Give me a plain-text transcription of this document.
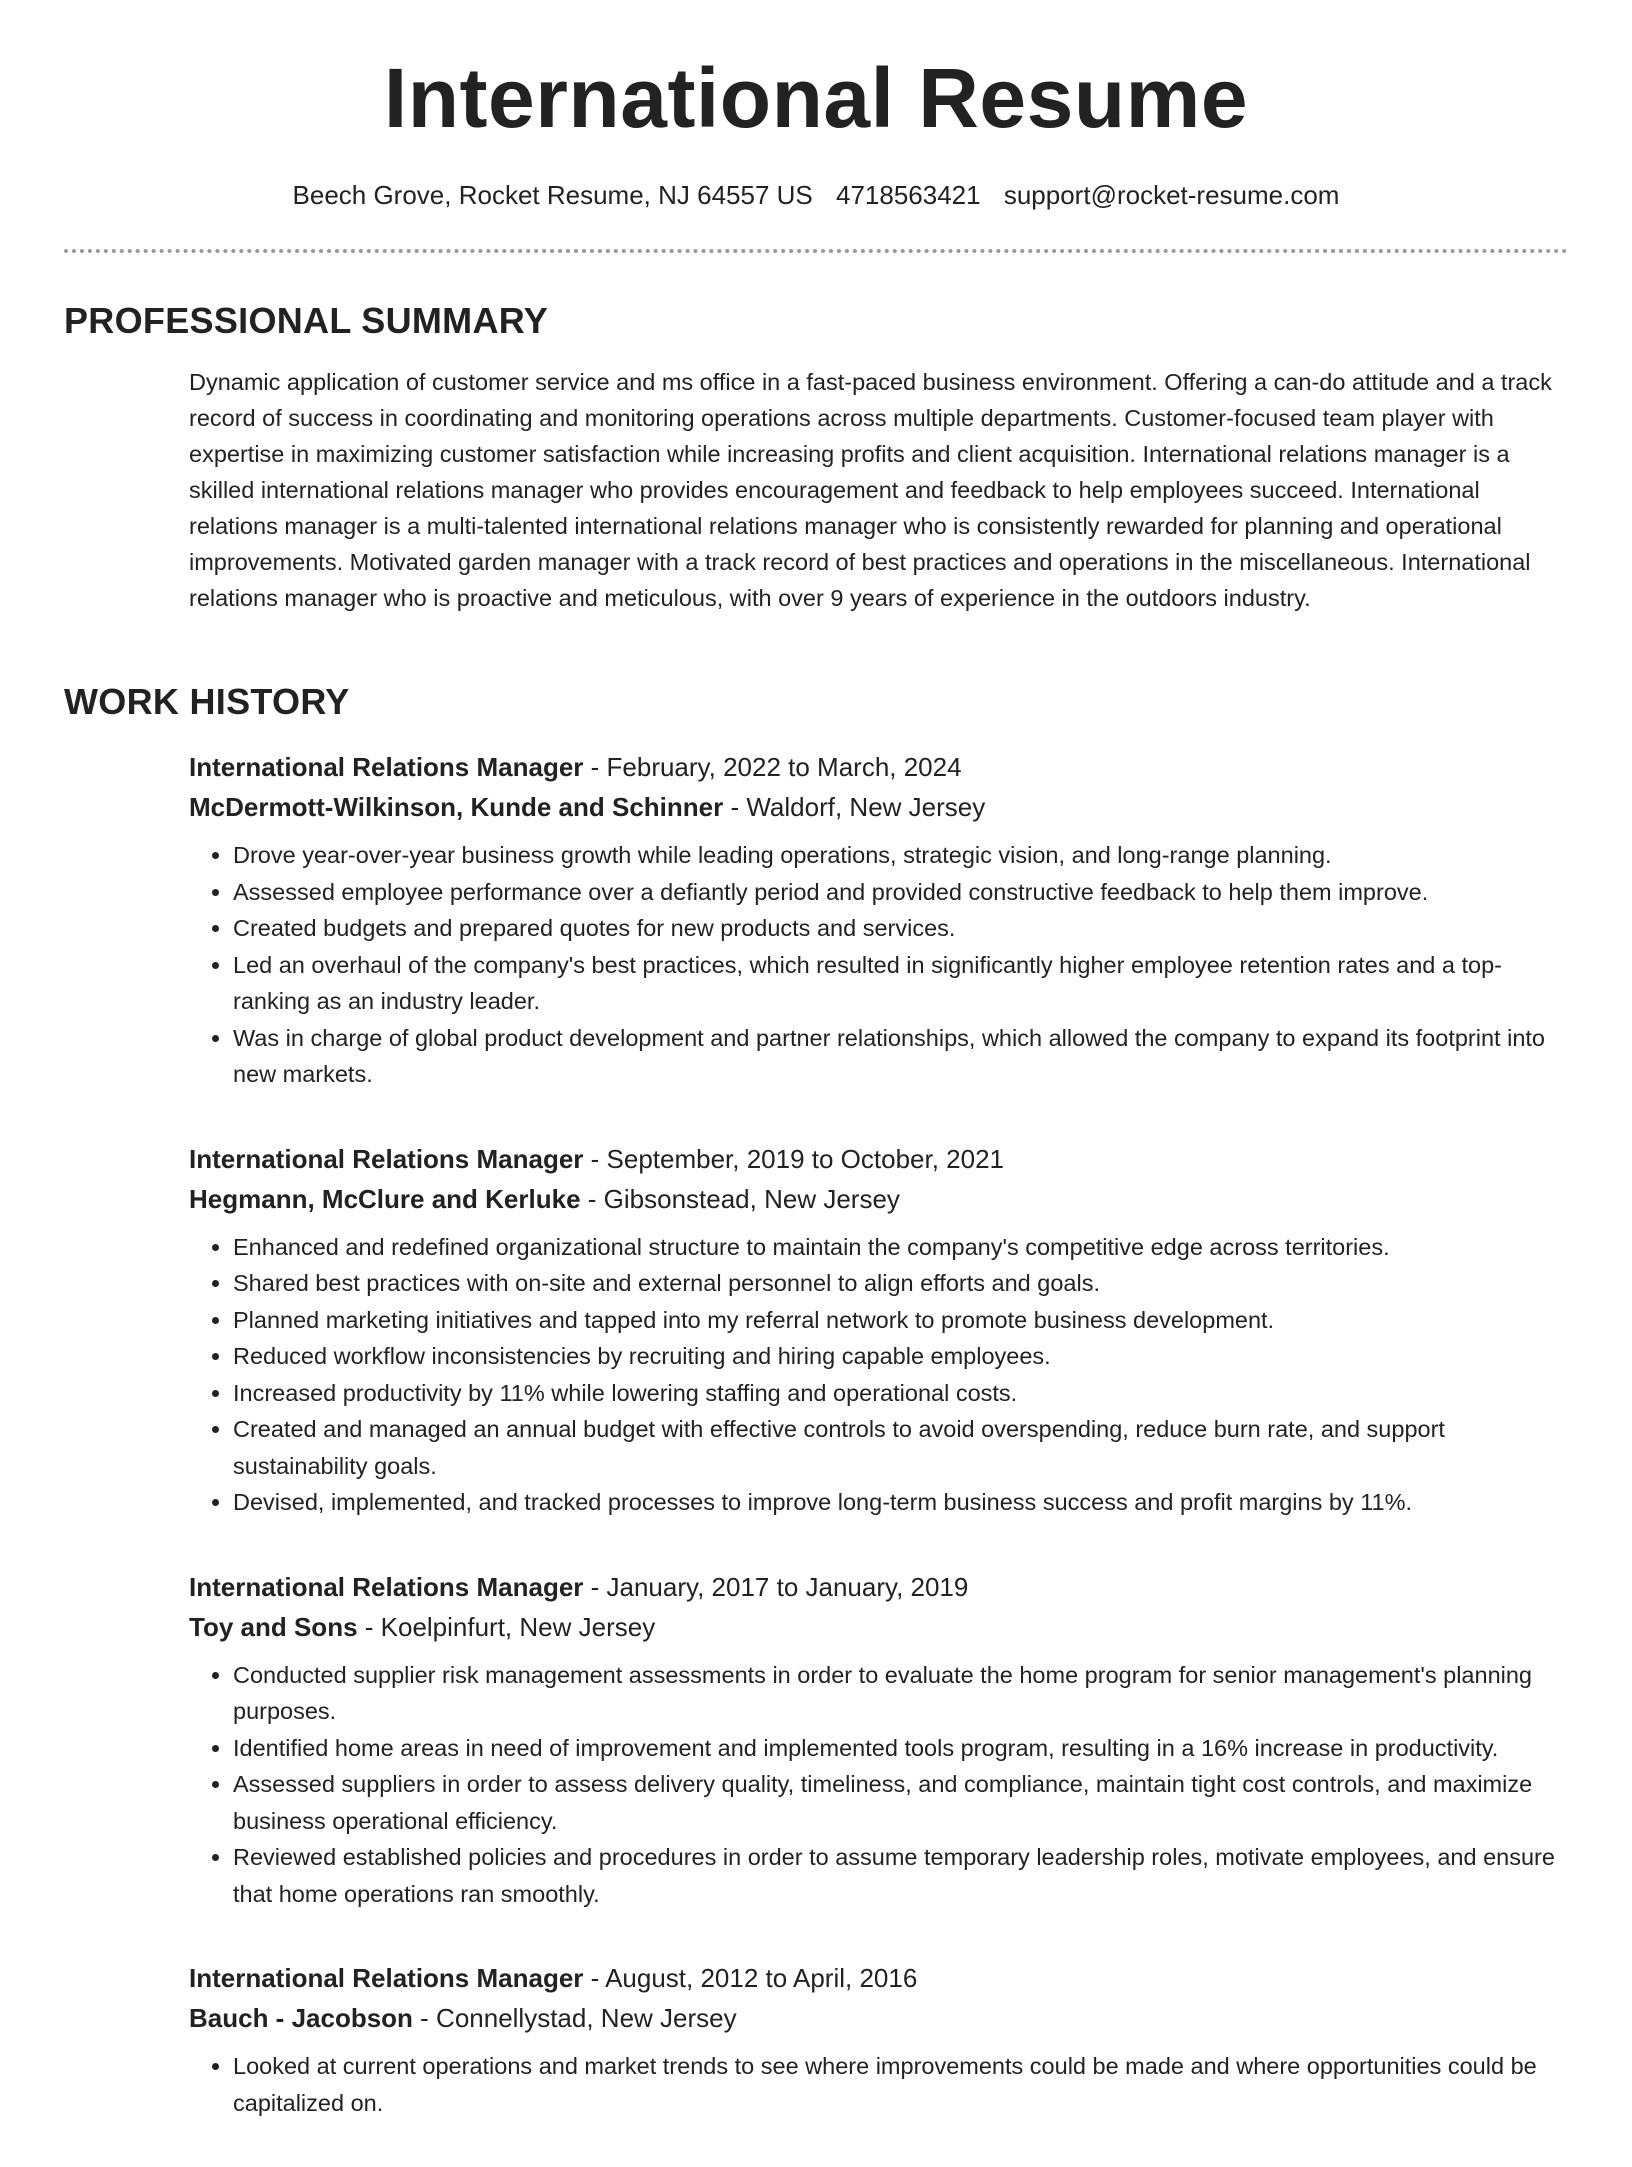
International Resume
Beech Grove, Rocket Resume, NJ 64557 US 4718563421 support@rocket-resume.com
PROFESSIONAL SUMMARY

Dynamic application of customer service and ms office in a fast-paced business environment. Offering a can-do attitude and a track record of success in coordinating and monitoring operations across multiple departments. Customer-focused team player with expertise in maximizing customer satisfaction while increasing profits and client acquisition. International relations manager is a skilled international relations manager who provides encouragement and feedback to help employees succeed. International relations manager is a multi-talented international relations manager who is consistently rewarded for planning and operational improvements. Motivated garden manager with a track record of best practices and operations in the miscellaneous. International relations manager who is proactive and meticulous, with over 9 years of experience in the outdoors industry.

WORK HISTORY
International Relations Manager - February, 2022 to March, 2024
McDermott-Wilkinson, Kunde and Schinner - Waldorf, New Jersey
• Drove year-over-year business growth while leading operations, strategic vision, and long-range planning.
• Assessed employee performance over a defiantly period and provided constructive feedback to help them improve.
• Created budgets and prepared quotes for new products and services.
• Led an overhaul of the company's best practices, which resulted in significantly higher employee retention rates and a top-ranking as an industry leader.
• Was in charge of global product development and partner relationships, which allowed the company to expand its footprint into new markets.
International Relations Manager - September, 2019 to October, 2021
Hegmann, McClure and Kerluke - Gibsonstead, New Jersey
• Enhanced and redefined organizational structure to maintain the company's competitive edge across territories.
• Shared best practices with on-site and external personnel to align efforts and goals.
• Planned marketing initiatives and tapped into my referral network to promote business development.
• Reduced workflow inconsistencies by recruiting and hiring capable employees.
• Increased productivity by 11% while lowering staffing and operational costs.
• Created and managed an annual budget with effective controls to avoid overspending, reduce burn rate, and support sustainability goals.
• Devised, implemented, and tracked processes to improve long-term business success and profit margins by 11%.
International Relations Manager - January, 2017 to January, 2019
Toy and Sons - Koelpinfurt, New Jersey
• Conducted supplier risk management assessments in order to evaluate the home program for senior management's planning purposes.
• Identified home areas in need of improvement and implemented tools program, resulting in a 16% increase in productivity.
• Assessed suppliers in order to assess delivery quality, timeliness, and compliance, maintain tight cost controls, and maximize business operational efficiency.
• Reviewed established policies and procedures in order to assume temporary leadership roles, motivate employees, and ensure that home operations ran smoothly.
International Relations Manager - August, 2012 to April, 2016
Bauch - Jacobson - Connellystad, New Jersey
• Looked at current operations and market trends to see where improvements could be made and where opportunities could be capitalized on.
